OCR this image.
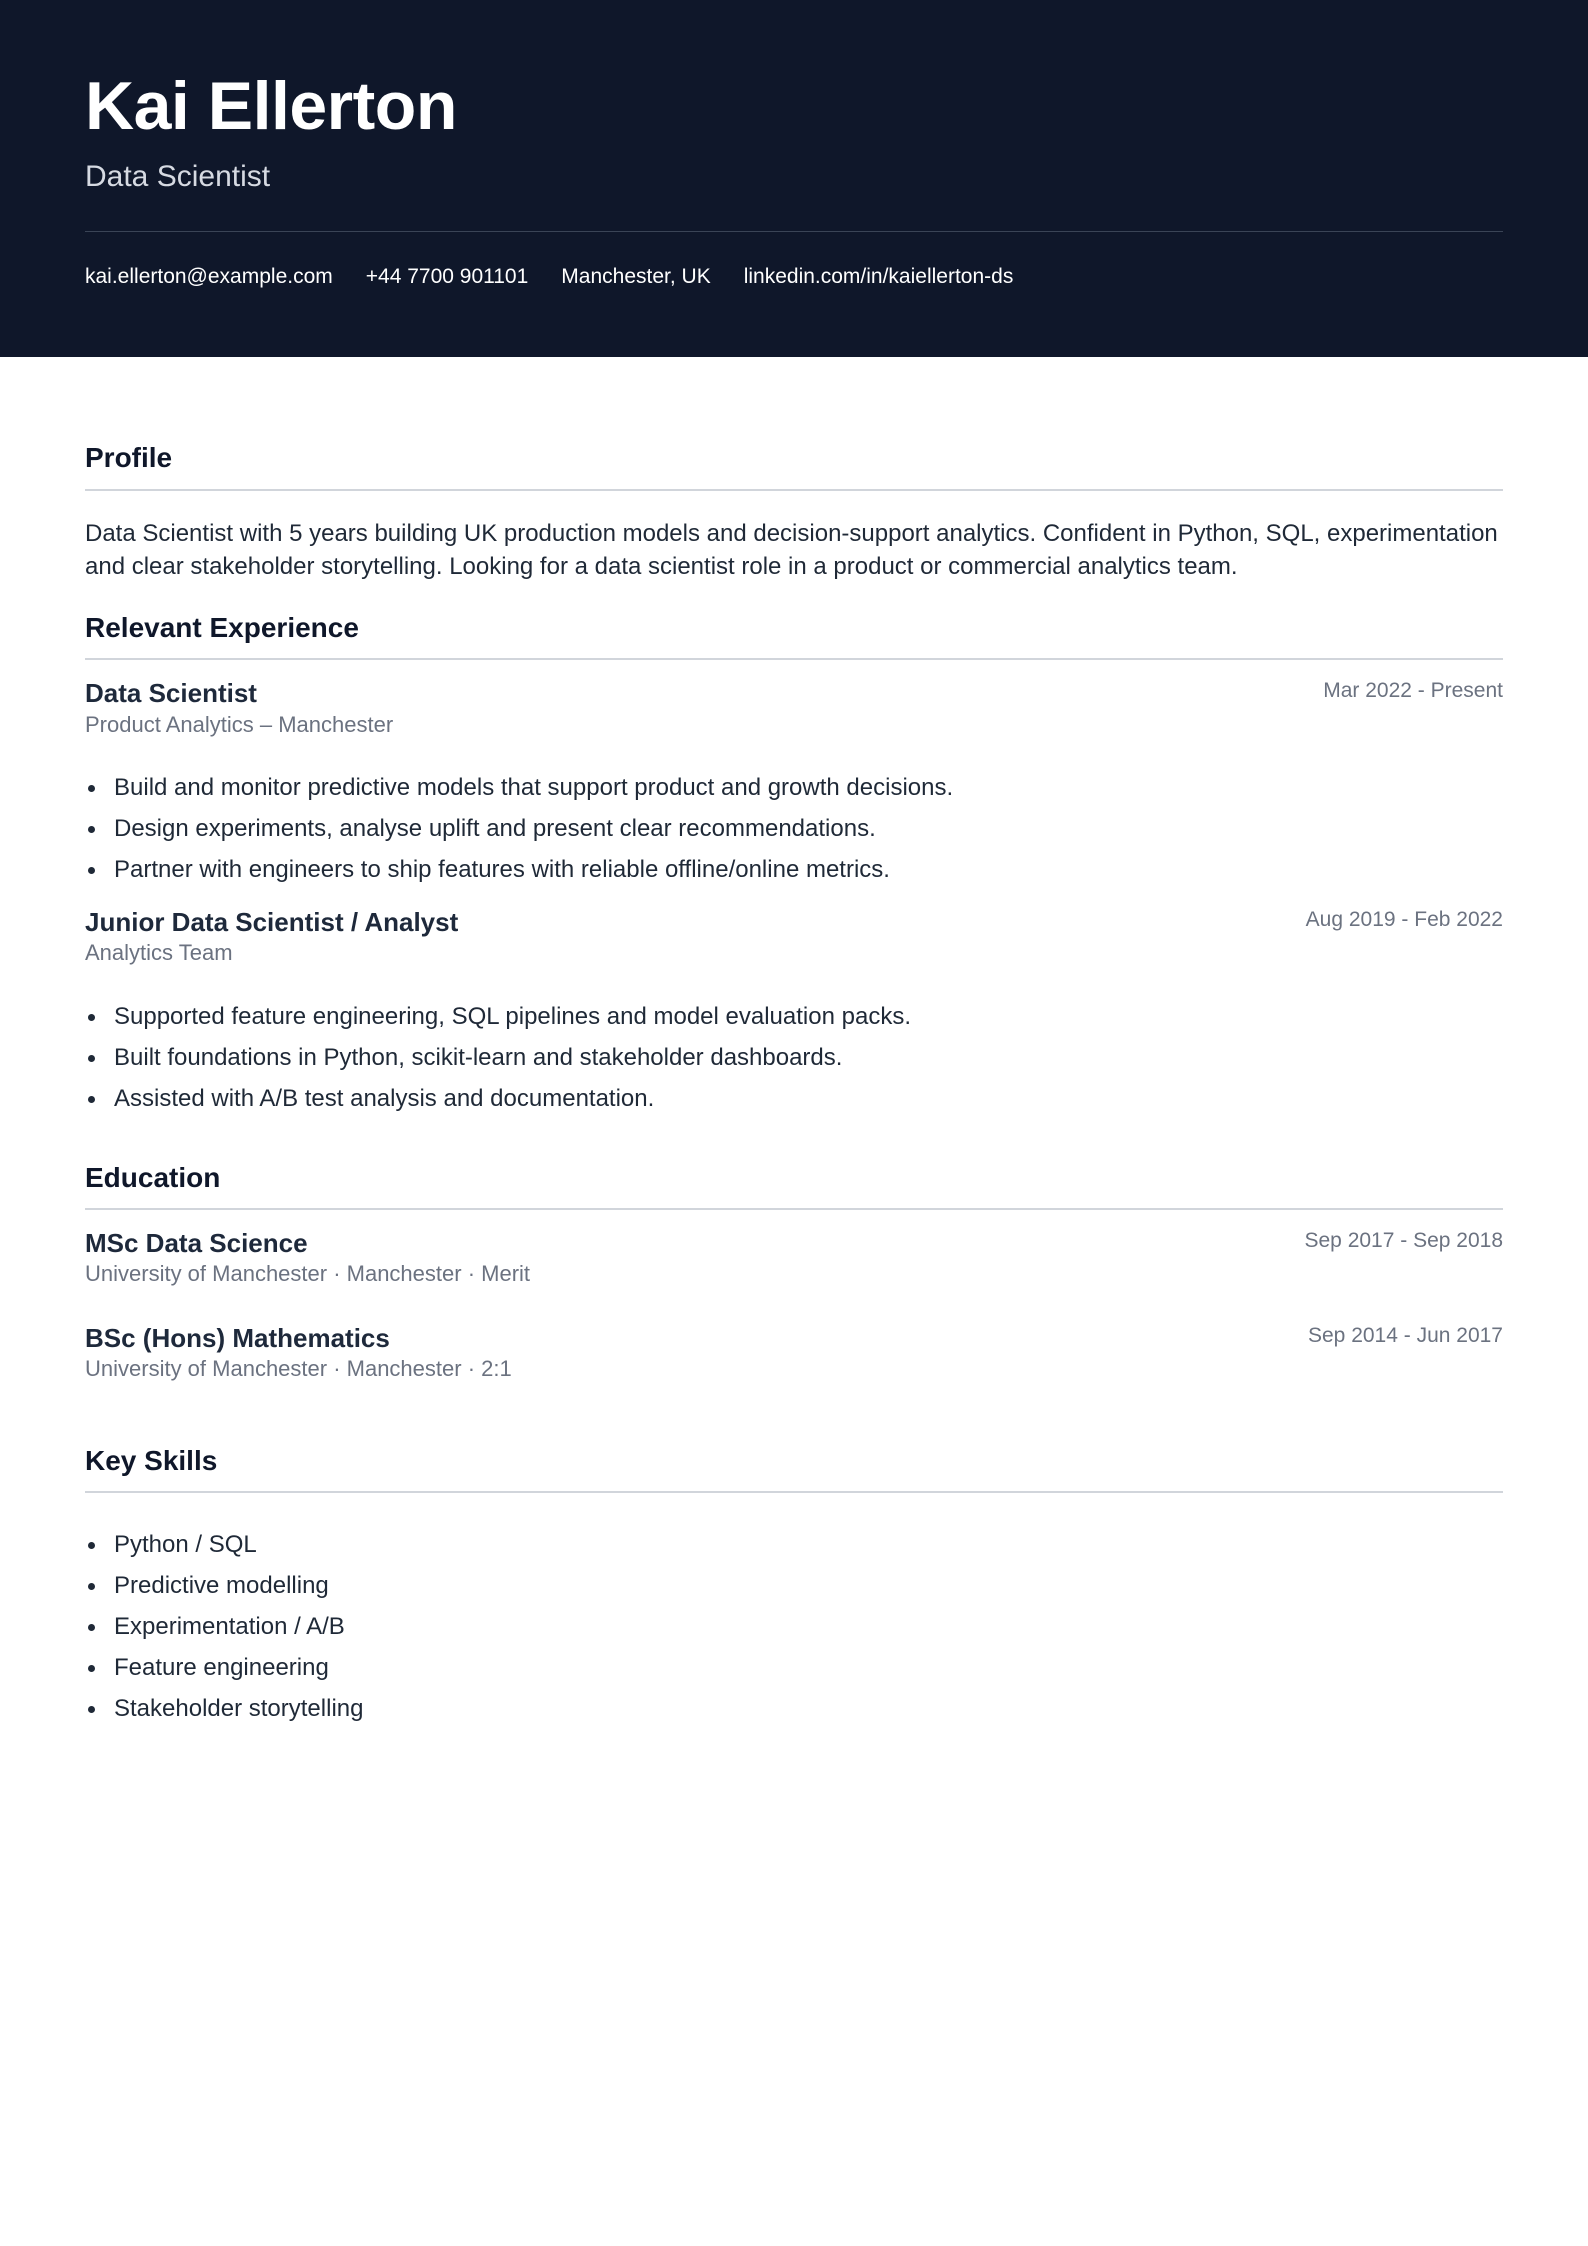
Kai Ellerton
Data Scientist
kai.ellerton@example.com +44 7700 901101 Manchester, UK linkedin.com/in/kaiellerton-ds
Profile

Data Scientist with 5 years building UK production models and decision-support analytics. Confident in Python, SQL, experimentation and clear stakeholder storytelling. Looking for a data scientist role in a product or commercial analytics team.

Relevant Experience
Data Scientist	Mar 2022 - Present
Product Analytics – Manchester
Build and monitor predictive models that support product and growth decisions.
Design experiments, analyse uplift and present clear recommendations.
Partner with engineers to ship features with reliable offline/online metrics.
Junior Data Scientist / Analyst	Aug 2019 - Feb 2022
Analytics Team
Supported feature engineering, SQL pipelines and model evaluation packs.
Built foundations in Python, scikit-learn and stakeholder dashboards.
Assisted with A/B test analysis and documentation.
Education
MSc Data Science	Sep 2017 - Sep 2018
University of Manchester · Manchester · Merit
BSc (Hons) Mathematics	Sep 2014 - Jun 2017
University of Manchester · Manchester · 2:1
Key Skills
Python / SQL
Predictive modelling
Experimentation / A/B
Feature engineering
Stakeholder storytelling
